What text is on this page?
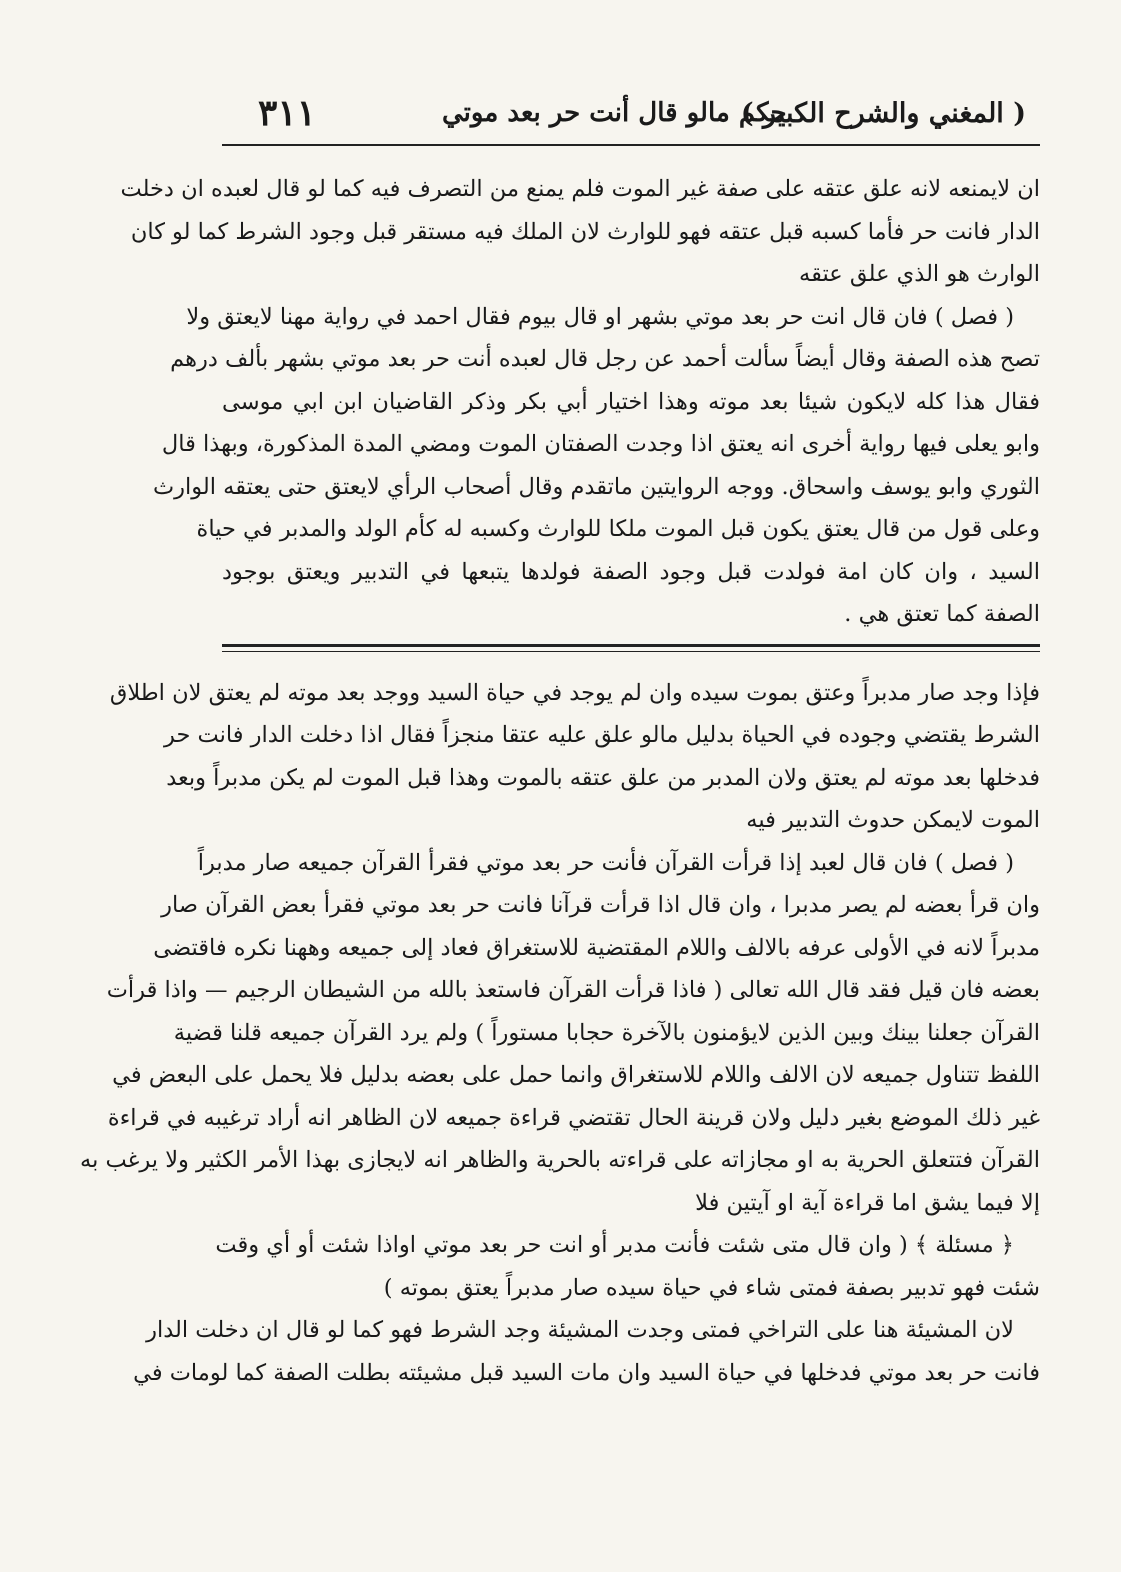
( المغني والشرح الكبير )
حكم مالو قال أنت حر بعد موتي
٣١١

ان لايمنعه لانه علق عتقه على صفة غير الموت فلم يمنع من التصرف فيه كما لو قال لعبده ان دخلت

الدار فانت حر فأما كسبه قبل عتقه فهو للوارث لان الملك فيه مستقر قبل وجود الشرط كما لو كان

الوارث هو الذي علق عتقه

( فصل ) فان قال انت حر بعد موتي بشهر او قال بيوم فقال احمد في رواية مهنا لايعتق ولا

تصح هذه الصفة وقال أيضاً سألت أحمد عن رجل قال لعبده أنت حر بعد موتي بشهر بألف درهم

فقال هذا كله لايكون شيئا بعد موته وهذا اختيار أبي بكر وذكر القاضيان ابن ابي موسى

وابو يعلى فيها رواية أخرى انه يعتق اذا وجدت الصفتان الموت ومضي المدة المذكورة، وبهذا قال

الثوري وابو يوسف واسحاق. ووجه الروايتين ماتقدم وقال أصحاب الرأي لايعتق حتى يعتقه الوارث

وعلى قول من قال يعتق يكون قبل الموت ملكا للوارث وكسبه له كأم الولد والمدبر في حياة

السيد ، وان كان امة فولدت قبل وجود الصفة فولدها يتبعها في التدبير ويعتق بوجود

الصفة كما تعتق هي .

فإذا وجد صار مدبراً وعتق بموت سيده وان لم يوجد في حياة السيد ووجد بعد موته لم يعتق لان اطلاق

الشرط يقتضي وجوده في الحياة بدليل مالو علق عليه عتقا منجزاً فقال اذا دخلت الدار فانت حر

فدخلها بعد موته لم يعتق ولان المدبر من علق عتقه بالموت وهذا قبل الموت لم يكن مدبراً وبعد

الموت لايمكن حدوث التدبير فيه

( فصل ) فان قال لعبد إذا قرأت القرآن فأنت حر بعد موتي فقرأ القرآن جميعه صار مدبراً

وان قرأ بعضه لم يصر مدبرا ، وان قال اذا قرأت قرآنا فانت حر بعد موتي فقرأ بعض القرآن صار

مدبراً لانه في الأولى عرفه بالالف واللام المقتضية للاستغراق فعاد إلى جميعه وههنا نكره فاقتضى

بعضه فان قيل فقد قال الله تعالى ( فاذا قرأت القرآن فاستعذ بالله من الشيطان الرجيم — واذا قرأت

القرآن جعلنا بينك وبين الذين لايؤمنون بالآخرة حجابا مستوراً ) ولم يرد القرآن جميعه قلنا قضية

اللفظ تتناول جميعه لان الالف واللام للاستغراق وانما حمل على بعضه بدليل فلا يحمل على البعض في

غير ذلك الموضع بغير دليل ولان قرينة الحال تقتضي قراءة جميعه لان الظاهر انه أراد ترغيبه في قراءة

القرآن فتتعلق الحرية به او مجازاته على قراءته بالحرية والظاهر انه لايجازى بهذا الأمر الكثير ولا يرغب به

إلا فيما يشق اما قراءة آية او آيتين فلا

﴿ مسئلة ﴾ ( وان قال متى شئت فأنت مدبر أو انت حر بعد موتي اواذا شئت أو أي وقت

شئت فهو تدبير بصفة فمتى شاء في حياة سيده صار مدبراً يعتق بموته )

لان المشيئة هنا على التراخي فمتى وجدت المشيئة وجد الشرط فهو كما لو قال ان دخلت الدار

فانت حر بعد موتي فدخلها في حياة السيد وان مات السيد قبل مشيئته بطلت الصفة كما لومات في
